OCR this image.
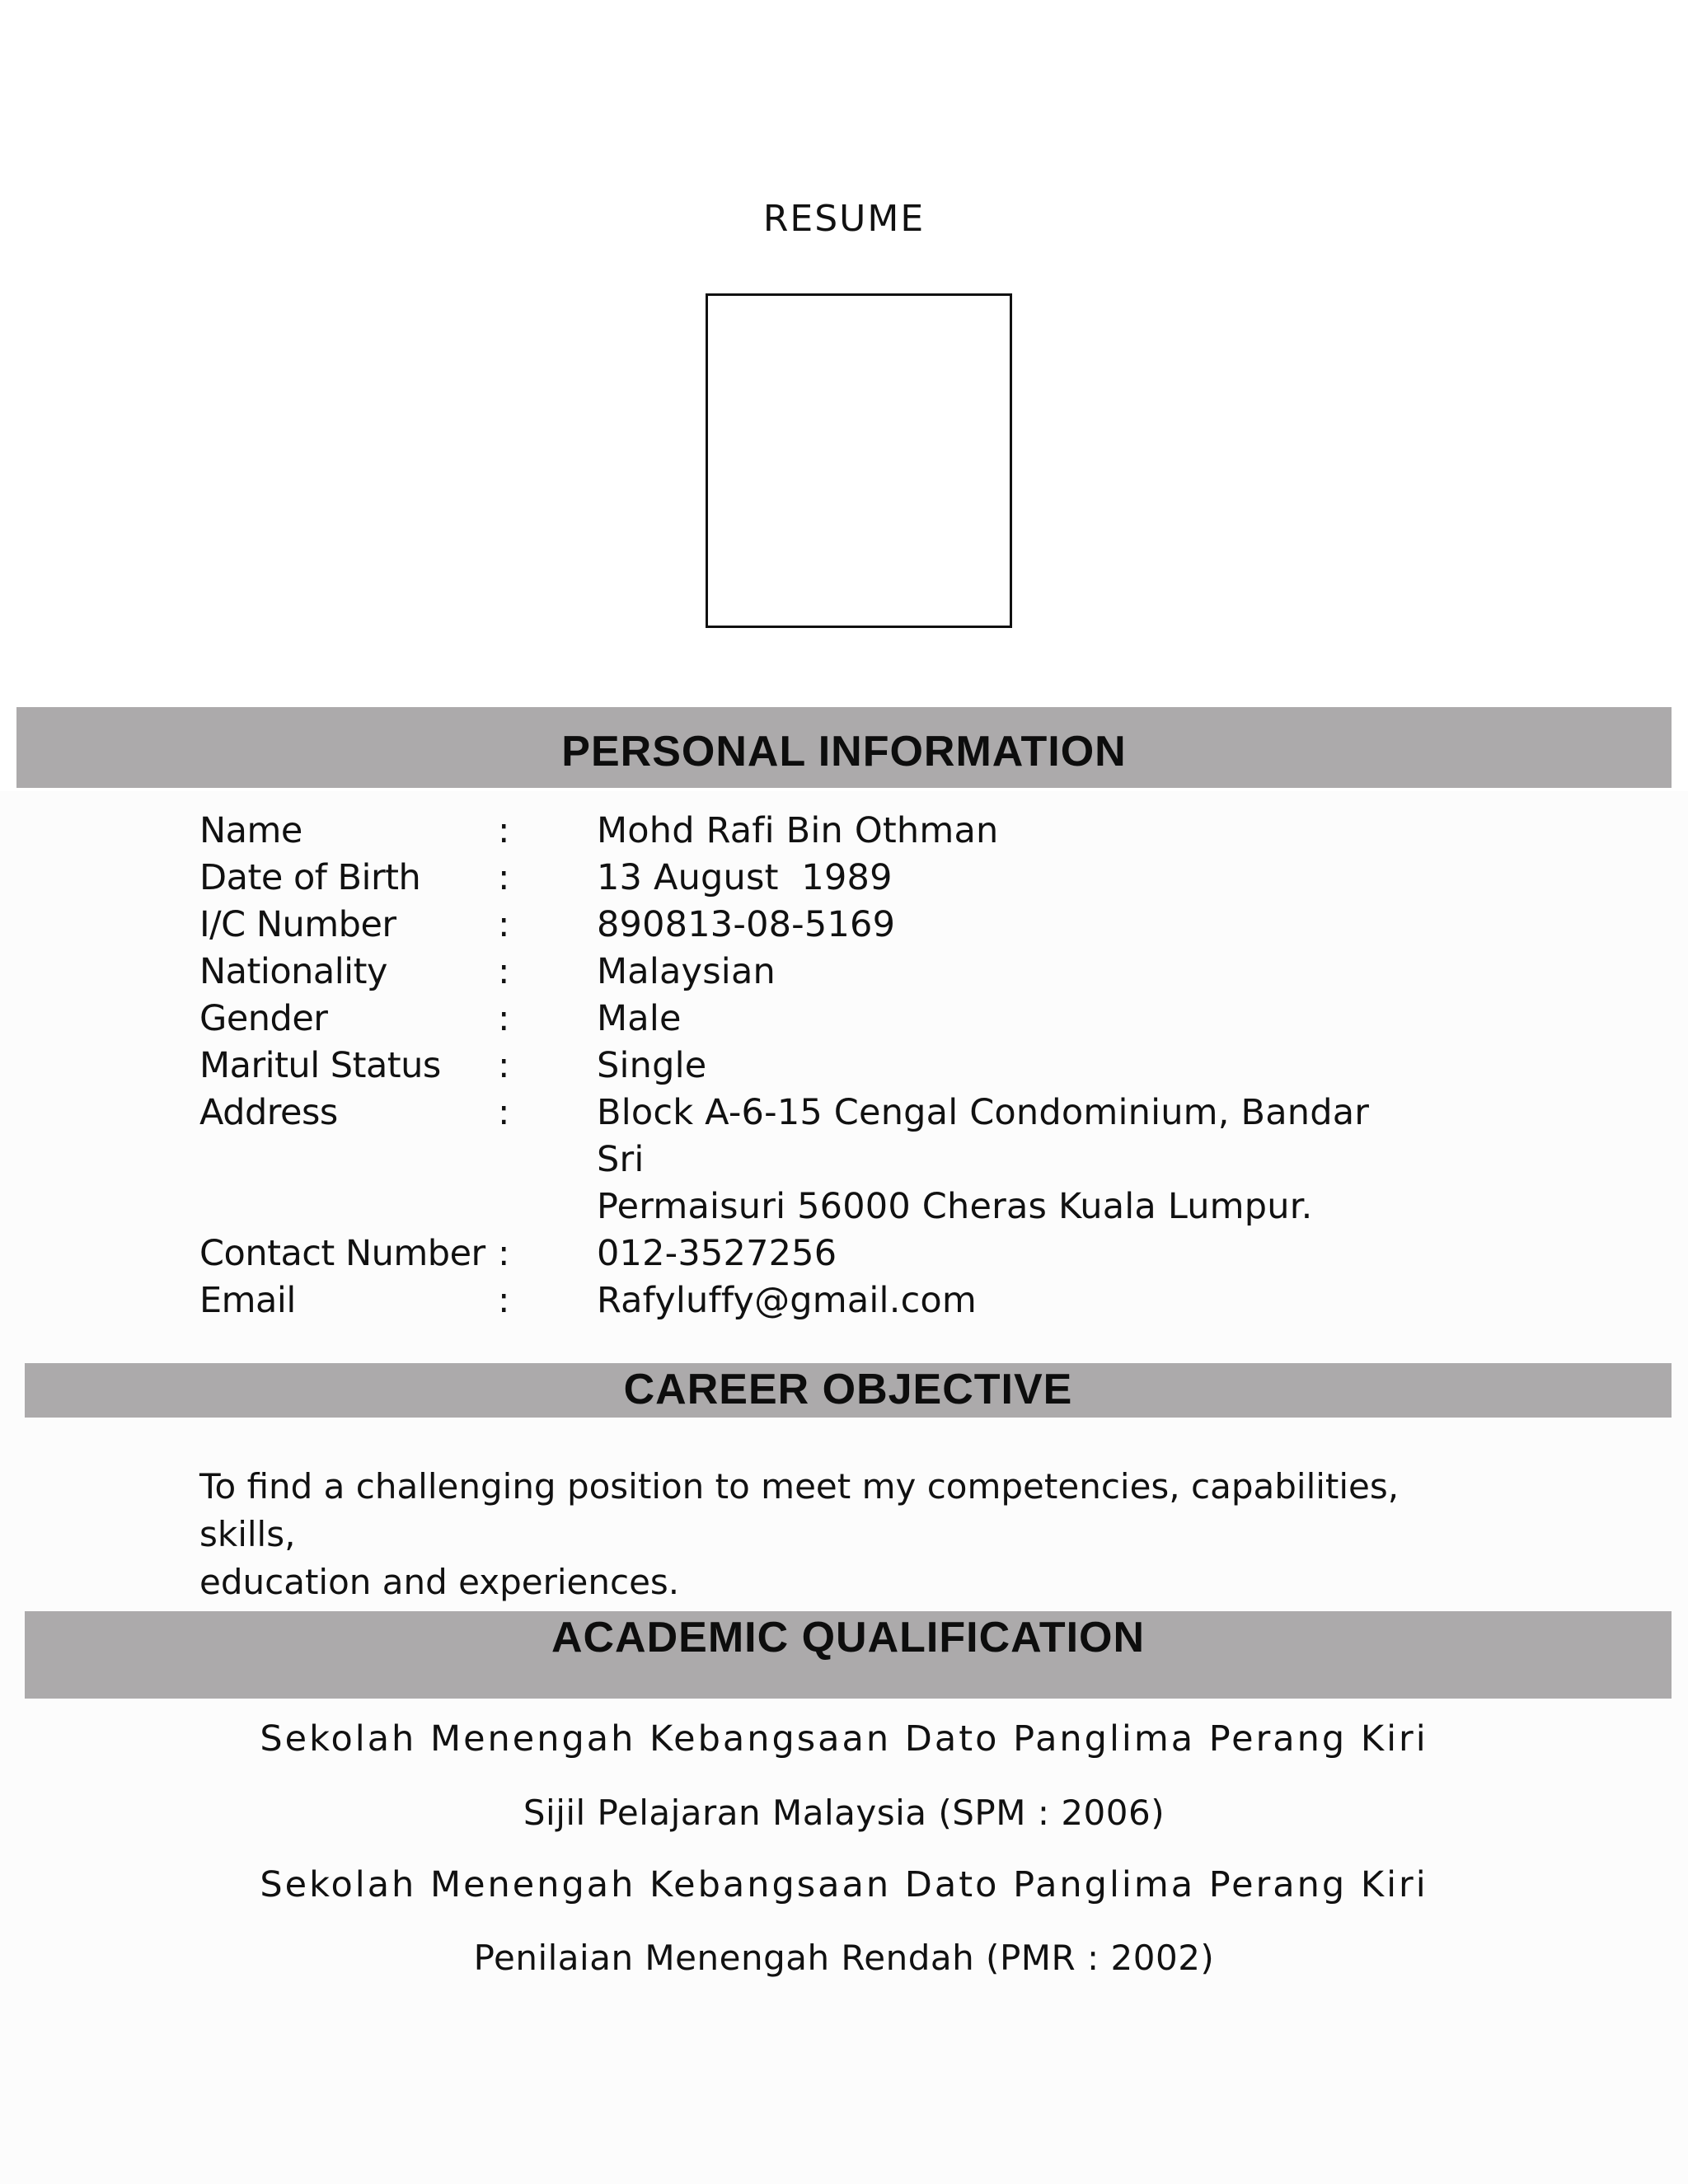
RESUME
PERSONAL INFORMATION
Name	:	Mohd Rafi Bin Othman
Date of Birth	:	13 August  1989
I/C Number	:	890813-08-5169
Nationality	:	Malaysian
Gender	:	Male
Maritul Status	:	Single
Address	:	Block A-6-15 Cengal Condominium, Bandar Sri
Permaisuri 56000 Cheras Kuala Lumpur.
Contact Number :	012-3527256
Email	:	Rafyluffy@gmail.com
CAREER OBJECTIVE
To find a challenging position to meet my competencies, capabilities, skills,
education and experiences.
ACADEMIC QUALIFICATION
Sekolah Menengah Kebangsaan Dato Panglima Perang Kiri
Sijil Pelajaran Malaysia (SPM : 2006)
Sekolah Menengah Kebangsaan Dato Panglima Perang Kiri
Penilaian Menengah Rendah (PMR : 2002)
